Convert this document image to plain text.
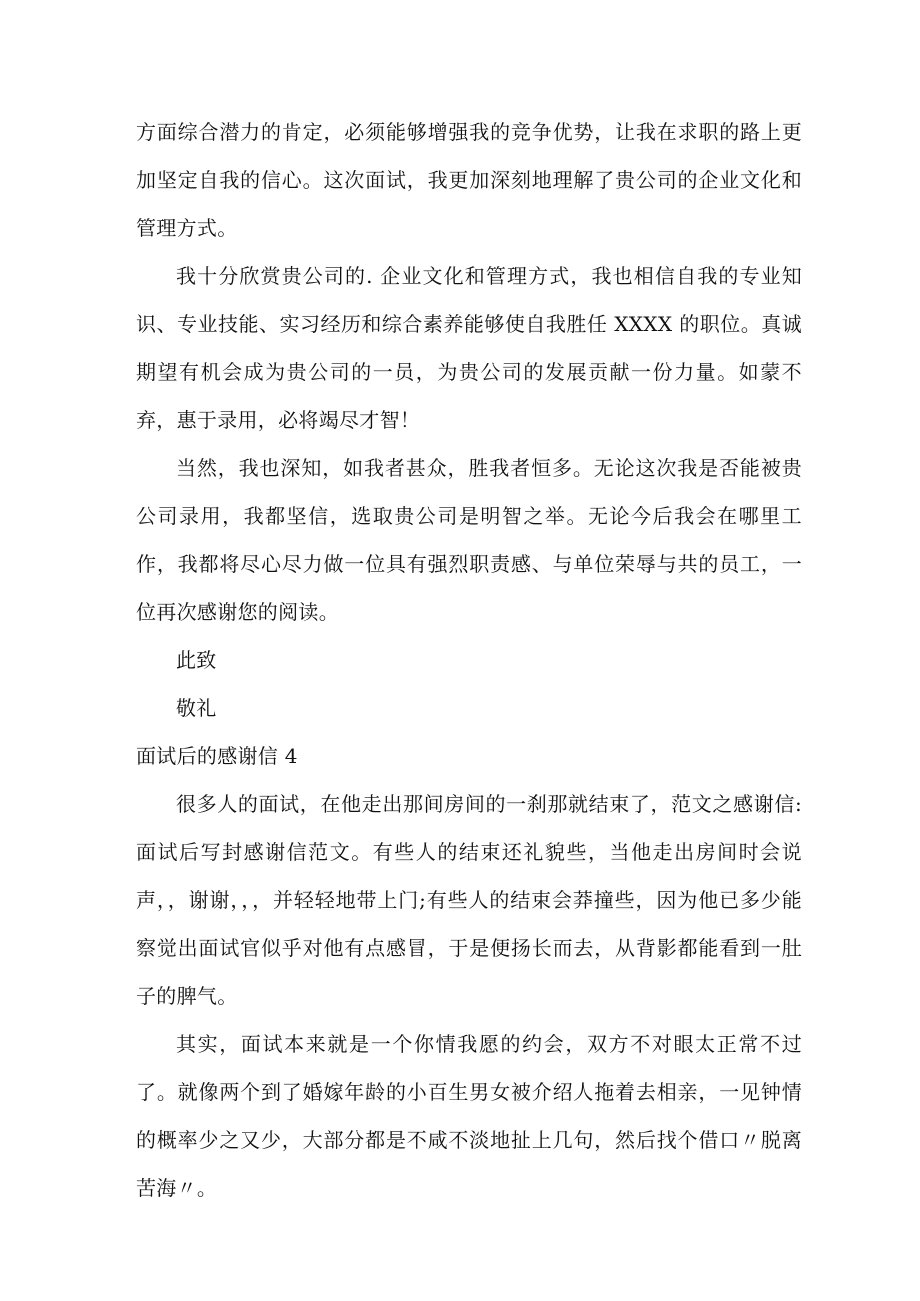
方面综合潜力的肯定，必须能够增强我的竞争优势，让我在求职的路上更加坚定自我的信心。这次面试，我更加深刻地理解了贵公司的企业文化和管理方式。

我十分欣赏贵公司的. 企业文化和管理方式，我也相信自我的专业知识、专业技能、实习经历和综合素养能够使自我胜任 XXXX 的职位。真诚期望有机会成为贵公司的一员，为贵公司的发展贡献一份力量。如蒙不弃，惠于录用，必将竭尽才智！

当然，我也深知，如我者甚众，胜我者恒多。无论这次我是否能被贵公司录用，我都坚信，选取贵公司是明智之举。无论今后我会在哪里工作，我都将尽心尽力做一位具有强烈职责感、与单位荣辱与共的员工，一位再次感谢您的阅读。

此致

敬礼

面试后的感谢信 4

很多人的面试，在他走出那间房间的一刹那就结束了，范文之感谢信:面试后写封感谢信范文。有些人的结束还礼貌些，当他走出房间时会说声，，谢谢，，，并轻轻地带上门;有些人的结束会莽撞些，因为他已多少能察觉出面试官似乎对他有点感冒，于是便扬长而去，从背影都能看到一肚子的脾气。

其实，面试本来就是一个你情我愿的约会，双方不对眼太正常不过了。就像两个到了婚嫁年龄的小百生男女被介绍人拖着去相亲，一见钟情的概率少之又少，大部分都是不咸不淡地扯上几句，然后找个借口〃脱离苦海〃。
